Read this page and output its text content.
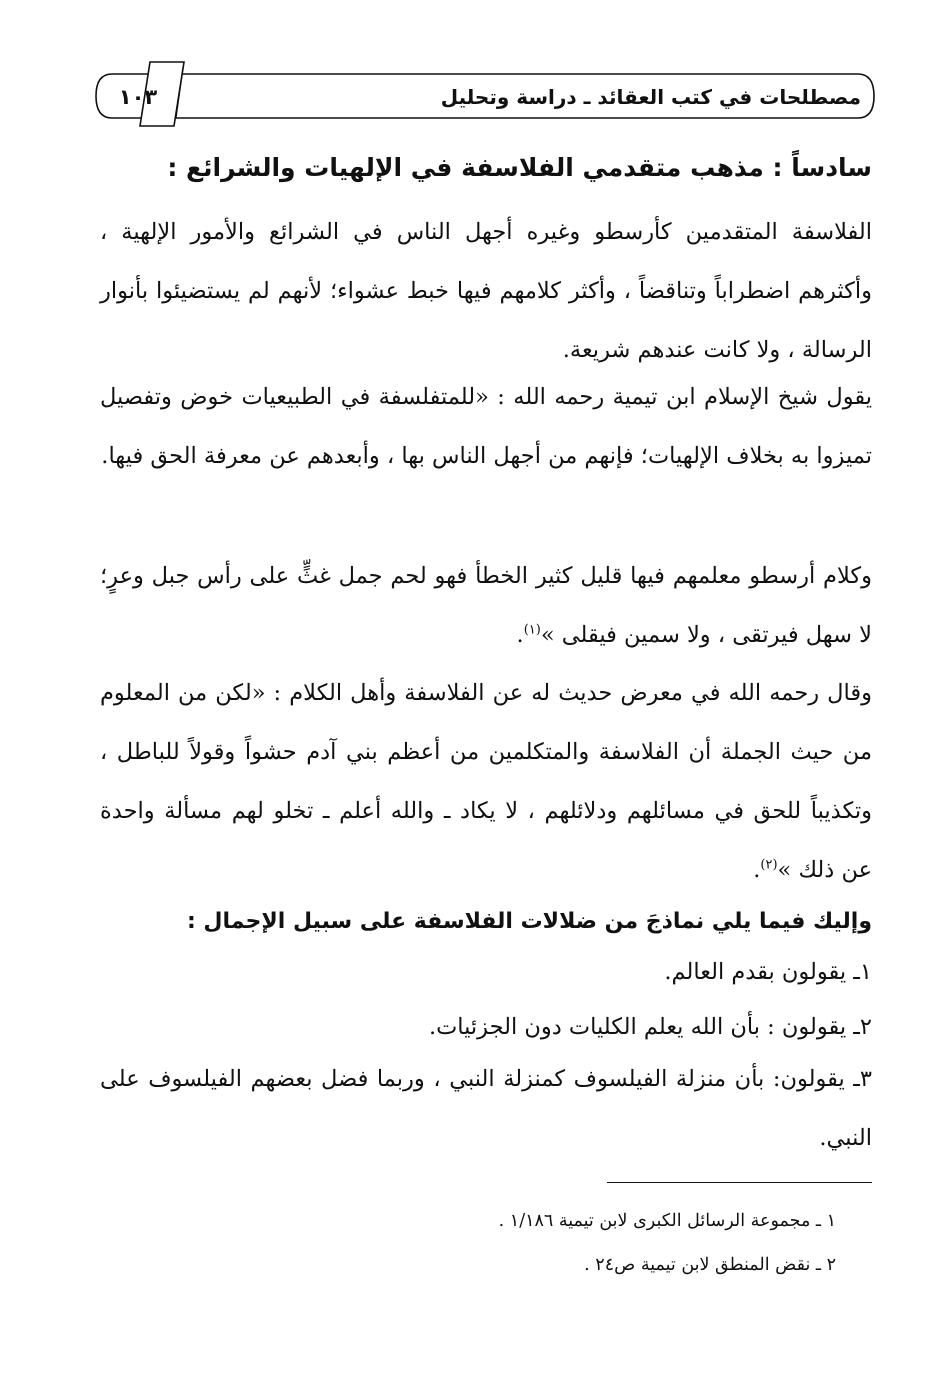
مصطلحات في كتب العقائد ـ دراسة وتحليل
١٠٣
سادساً : مذهب متقدمي الفلاسفة في الإلهيات والشرائع :
الفلاسفة المتقدمين كأرسطو وغيره أجهل الناس في الشرائع والأمور الإلهية ، وأكثرهم اضطراباً وتناقضاً ، وأكثر كلامهم فيها خبط عشواء؛ لأنهم لم يستضيئوا بأنوار الرسالة ، ولا كانت عندهم شريعة.
يقول شيخ الإسلام ابن تيمية رحمه الله : «للمتفلسفة في الطبيعيات خوض وتفصيل تميزوا به بخلاف الإلهيات؛ فإنهم من أجهل الناس بها ، وأبعدهم عن معرفة الحق فيها.
وكلام أرسطو معلمهم فيها قليل كثير الخطأ فهو لحم جمل غثٍّ على رأس جبل وعرٍ؛ لا سهل فيرتقى ، ولا سمين فيقلى »$^{(١)}$.
وقال رحمه الله في معرض حديث له عن الفلاسفة وأهل الكلام : «لكن من المعلوم من حيث الجملة أن الفلاسفة والمتكلمين من أعظم بني آدم حشواً وقولاً للباطل ، وتكذيباً للحق في مسائلهم ودلائلهم ، لا يكاد ـ والله أعلم ـ تخلو لهم مسألة واحدة عن ذلك »$^{(٢)}$.
وإليك فيما يلي نماذجَ من ضلالات الفلاسفة على سبيل الإجمال :
١ـ يقولون بقدم العالم.
٢ـ يقولون : بأن الله يعلم الكليات دون الجزئيات.
٣ـ يقولون: بأن منزلة الفيلسوف كمنزلة النبي ، وربما فضل بعضهم الفيلسوف على النبي.
١ ـ مجموعة الرسائل الكبرى لابن تيمية ١/١٨٦ .
٢ ـ نقض المنطق لابن تيمية ص٢٤ .
